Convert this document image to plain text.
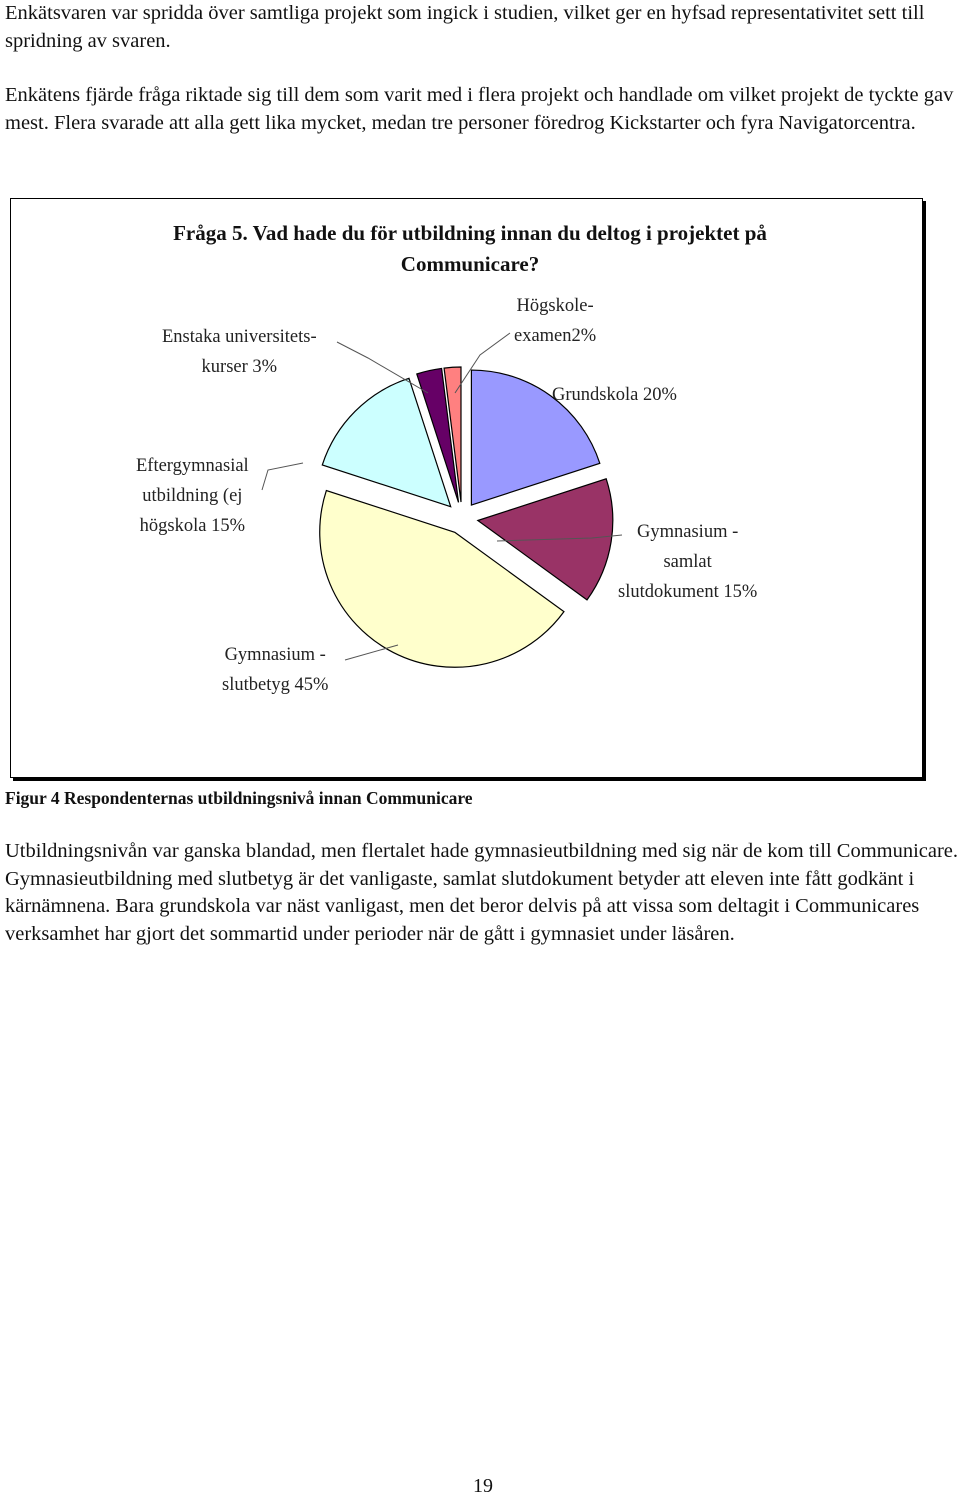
Enkätsvaren var spridda över samtliga projekt som ingick i studien, vilket ger en hyfsad representativitet sett till spridning av svaren.

Enkätens fjärde fråga riktade sig till dem som varit med i flera projekt och handlade om vilket projekt de tyckte gav mest. Flera svarade att alla gett lika mycket, medan tre personer föredrog Kickstarter och fyra Navigatorcentra.

Fråga 5. Vad hade du för utbildning innan du deltog i projektet på
Communicare?
Grundskola 20%
Gymnasium -
samlat
slutdokument 15%
Gymnasium -
slutbetyg 45%
Eftergymnasial
utbildning (ej
högskola 15%
Enstaka universitets-
kurser 3%
Högskole-
examen2%

Figur 4 Respondenternas utbildningsnivå innan Communicare

Utbildningsnivån var ganska blandad, men flertalet hade gymnasieutbildning med sig när de kom till Communicare. Gymnasieutbildning med slutbetyg är det vanligaste, samlat slutdokument betyder att eleven inte fått godkänt i kärnämnena. Bara grundskola var näst vanligast, men det beror delvis på att vissa som deltagit i Communicares verksamhet har gjort det sommartid under perioder när de gått i gymnasiet under läsåren.

19
